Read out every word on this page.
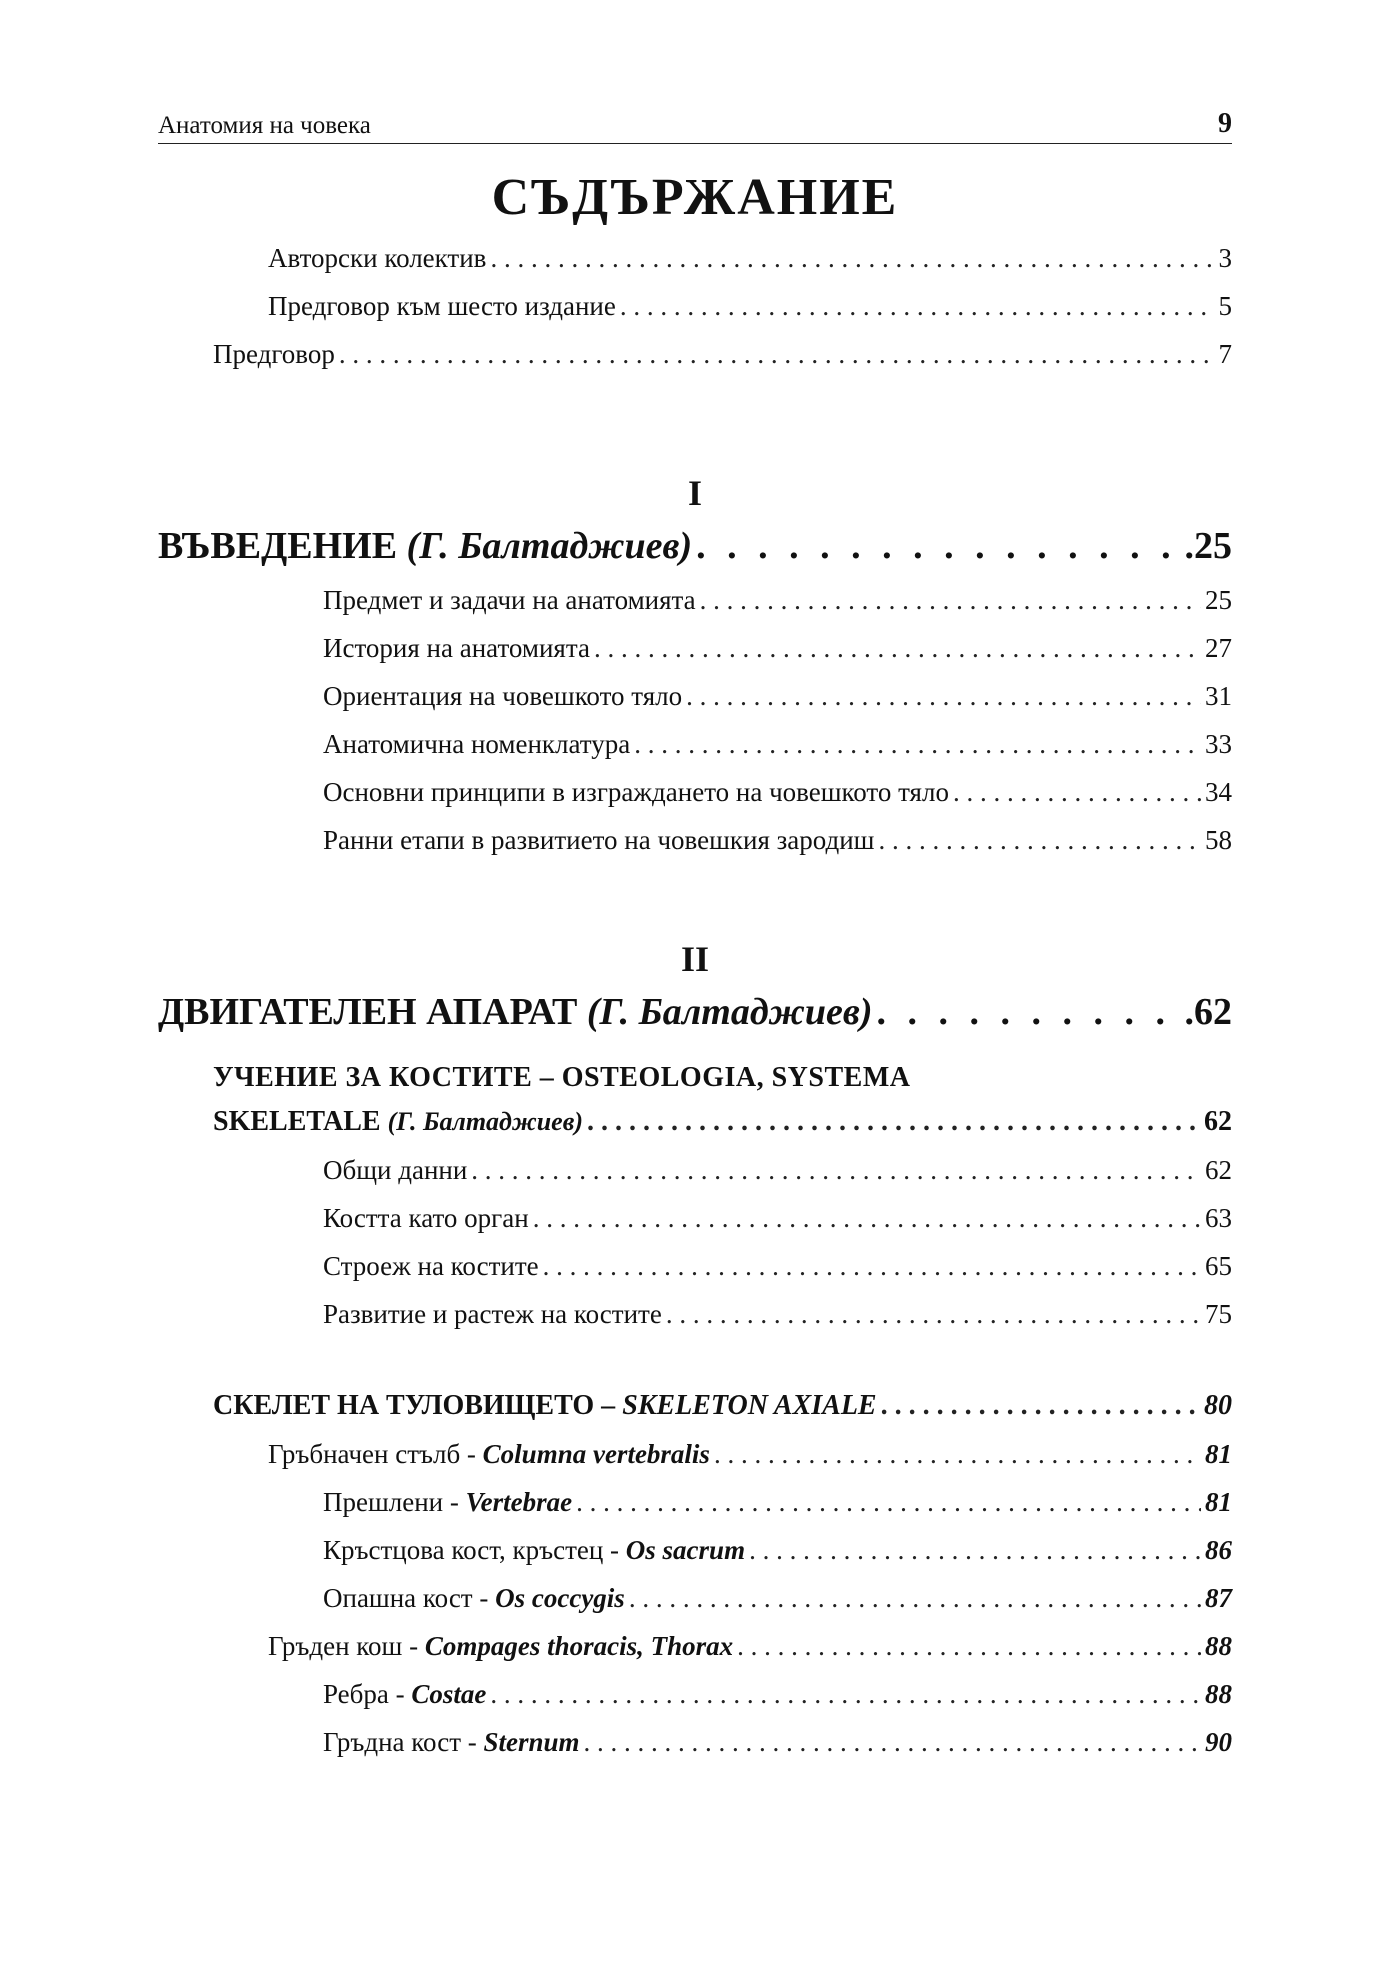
Анатомия на човека	9
СЪДЪРЖАНИЕ
Авторски колектив . . .	3
Предговор към шесто издание . . .	5
Предговор . . .	7
I
ВЪВЕДЕНИЕ (Г. Балтаджиев) . . .	.25
Предмет и задачи на анатомията . . .	25
История на анатомията . . .	27
Ориентация на човешкото тяло . . .	31
Анатомична номенклатура . . .	33
Основни принципи в изграждането на човешкото тяло . . .	34
Ранни етапи в развитието на човешкия зародиш . . .	58
II
ДВИГАТЕЛЕН АПАРАТ (Г. Балтаджиев) . . .	.62
УЧЕНИЕ ЗА КОСТИТЕ – OSTEOLOGIA, SYSTEMA
SKELETALE (Г. Балтаджиев) . . .	62
Общи данни . . .	62
Костта като орган . . .	63
Строеж на костите . . .	65
Развитие и растеж на костите . . .	75
СКЕЛЕТ НА ТУЛОВИЩЕТО – SKELETON AXIALE . . .	80
Гръбначен стълб - Columna vertebralis . . .	81
Прешлени - Vertebrae . . .	81
Кръстцова кост, кръстец - Os sacrum . . .	86
Опашна кост - Os coccygis . . .	87
Гръден кош - Compages thoracis, Thorax . . .	88
Ребра - Costae . . .	88
Гръдна кост - Sternum . . .	90
